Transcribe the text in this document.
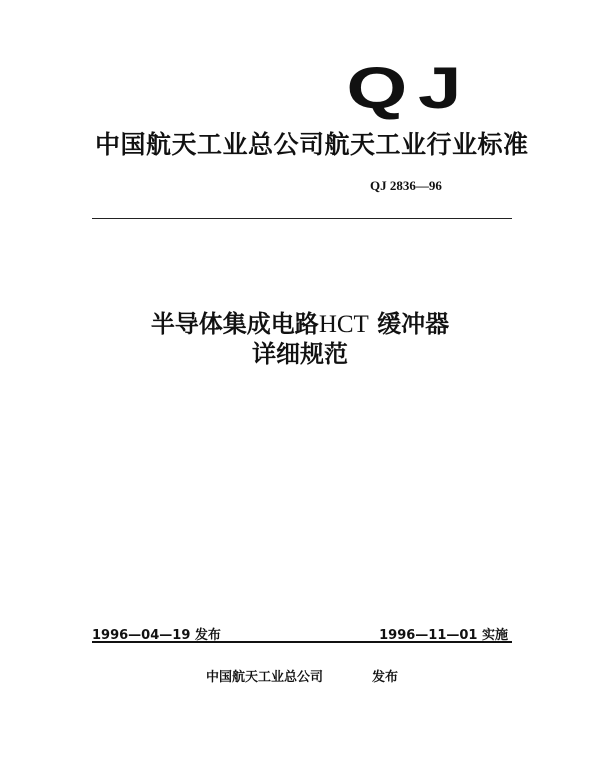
QJ
中国航天工业总公司航天工业行业标准
QJ 2836—96
半导体集成电路HCT 缓冲器
详细规范
1996—04—19 发布	1996—11—01 实施
中国航天工业总公司	发布
